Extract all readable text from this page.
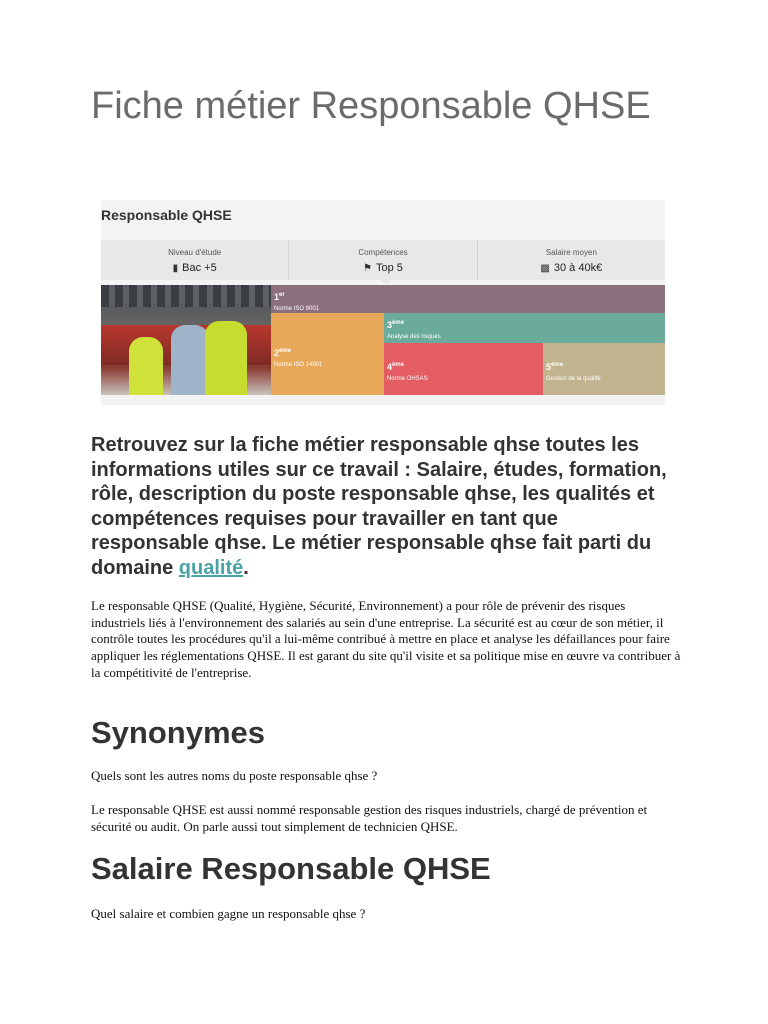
Fiche métier Responsable QHSE
Responsable QHSE
Niveau d'étude
▮ Bac +5
Compétences
⚑ Top 5
Salaire moyen
▩ 30 à 40k€
1er
Norme ISO 9001
2ème
Norme ISO 14001
3ème
Analyse des risques
4ème
Norme OHSAS
5ème
Gestion de la qualité

Retrouvez sur la fiche métier responsable qhse toutes les informations utiles sur ce travail : Salaire, études, formation, rôle, description du poste responsable qhse, les qualités et compétences requises pour travailler en tant que responsable qhse. Le métier responsable qhse fait parti du domaine qualité.

Le responsable QHSE (Qualité, Hygiène, Sécurité, Environnement) a pour rôle de prévenir des risques industriels liés à l'environnement des salariés au sein d'une entreprise. La sécurité est au cœur de son métier, il contrôle toutes les procédures qu'il a lui-même contribué à mettre en place et analyse les défaillances pour faire appliquer les réglementations QHSE. Il est garant du site qu'il visite et sa politique mise en œuvre va contribuer à la compétitivité de l'entreprise.

Synonymes

Quels sont les autres noms du poste responsable qhse ?

Le responsable QHSE est aussi nommé responsable gestion des risques industriels, chargé de prévention et sécurité ou audit. On parle aussi tout simplement de technicien QHSE.

Salaire Responsable QHSE

Quel salaire et combien gagne un responsable qhse ?
